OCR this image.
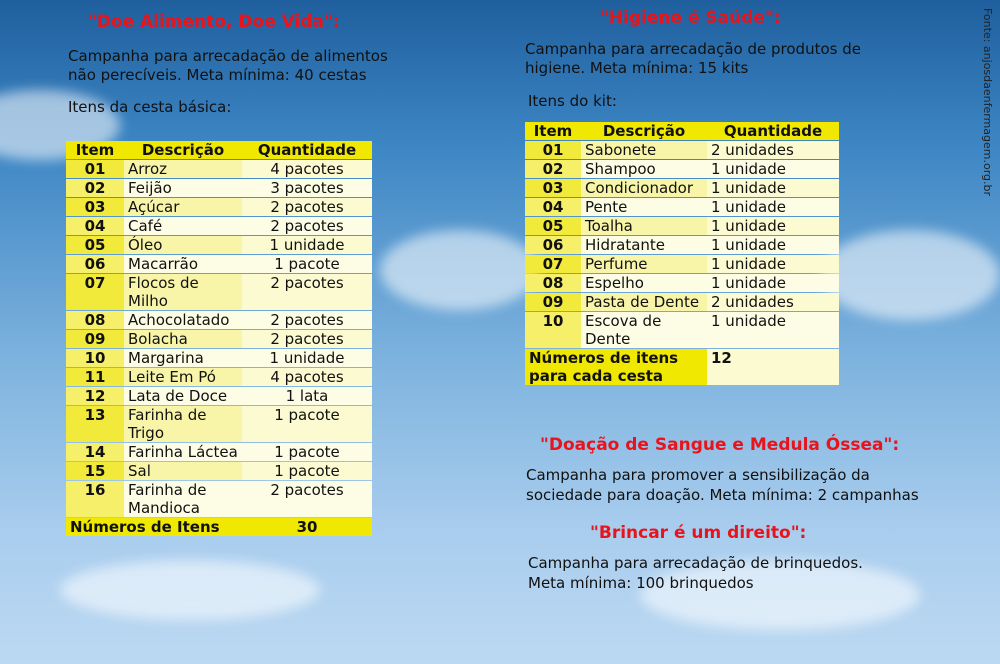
Fonte: anjosdaenfermagem.org.br
"Doe Alimento, Doe Vida":
Campanha para arrecadação de alimentos
não perecíveis. Meta mínima: 40 cestas
Itens da cesta básica:
Item	Descrição	Quantidade
01	Arroz	4 pacotes
02	Feijão	3 pacotes
03	Açúcar	2 pacotes
04	Café	2 pacotes
05	Óleo	1 unidade
06	Macarrão	1 pacote
07	Flocos de Milho	2 pacotes
08	Achocolatado	2 pacotes
09	Bolacha	2 pacotes
10	Margarina	1 unidade
11	Leite Em Pó	4 pacotes
12	Lata de Doce	1 lata
13	Farinha de Trigo	1 pacote
14	Farinha Láctea	1 pacote
15	Sal	1 pacote
16	Farinha de Mandioca	2 pacotes
Números de Itens		30
"Higiene é Saúde":
Campanha para arrecadação de produtos de
higiene. Meta mínima: 15 kits
Itens do kit:
Item	Descrição	Quantidade
01	Sabonete	2 unidades
02	Shampoo	1 unidade
03	Condicionador	1 unidade
04	Pente	1 unidade
05	Toalha	1 unidade
06	Hidratante	1 unidade
07	Perfume	1 unidade
08	Espelho	1 unidade
09	Pasta de Dente	2 unidades
10	Escova de Dente	1 unidade
Números de itens para cada cesta		12
"Doação de Sangue e Medula Óssea":
Campanha para promover a sensibilização da
sociedade para doação. Meta mínima: 2 campanhas
"Brincar é um direito":
Campanha para arrecadação de brinquedos.
Meta mínima: 100 brinquedos
